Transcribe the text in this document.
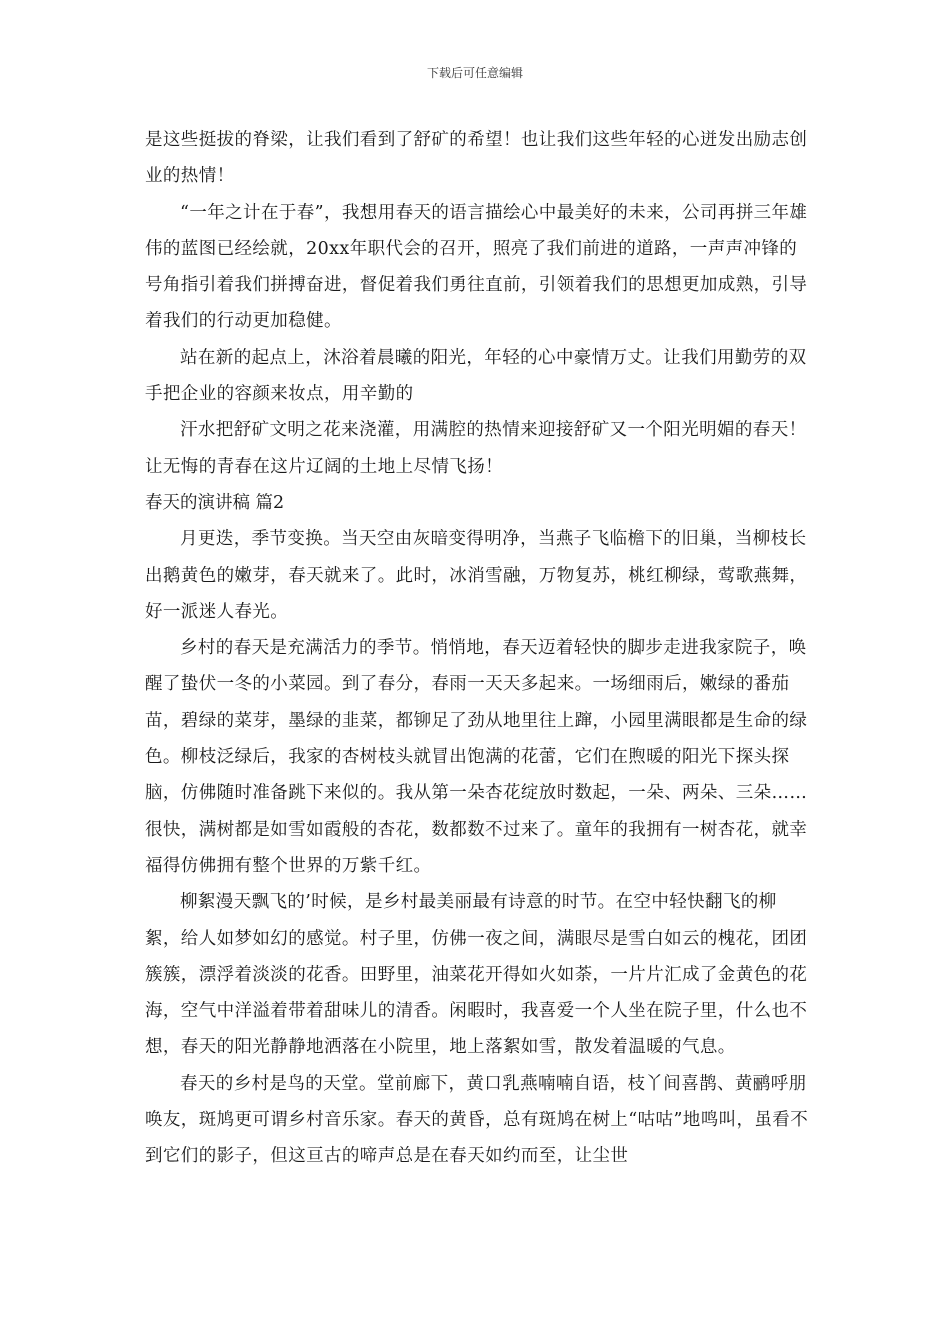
下载后可任意编辑

是这些挺拔的脊梁，让我们看到了舒矿的希望！也让我们这些年轻的心迸发出励志创业的热情！

“一年之计在于春”，我想用春天的语言描绘心中最美好的未来，公司再拼三年雄伟的蓝图已经绘就，20xx年职代会的召开，照亮了我们前进的道路，一声声冲锋的号角指引着我们拼搏奋进，督促着我们勇往直前，引领着我们的思想更加成熟，引导着我们的行动更加稳健。

站在新的起点上，沐浴着晨曦的阳光，年轻的心中豪情万丈。让我们用勤劳的双手把企业的容颜来妆点，用辛勤的

汗水把舒矿文明之花来浇灌，用满腔的热情来迎接舒矿又一个阳光明媚的春天！让无悔的青春在这片辽阔的土地上尽情飞扬！

春天的演讲稿 篇2

月更迭，季节变换。当天空由灰暗变得明净，当燕子飞临檐下的旧巢，当柳枝长出鹅黄色的嫩芽，春天就来了。此时，冰消雪融，万物复苏，桃红柳绿，莺歌燕舞，好一派迷人春光。

乡村的春天是充满活力的季节。悄悄地，春天迈着轻快的脚步走进我家院子，唤醒了蛰伏一冬的小菜园。到了春分，春雨一天天多起来。一场细雨后，嫩绿的番茄苗，碧绿的菜芽，墨绿的韭菜，都铆足了劲从地里往上蹿，小园里满眼都是生命的绿色。柳枝泛绿后，我家的杏树枝头就冒出饱满的花蕾，它们在煦暖的阳光下探头探脑，仿佛随时准备跳下来似的。我从第一朵杏花绽放时数起，一朵、两朵、三朵……很快，满树都是如雪如霞般的杏花，数都数不过来了。童年的我拥有一树杏花，就幸福得仿佛拥有整个世界的万紫千红。

柳絮漫天飘飞的’时候，是乡村最美丽最有诗意的时节。在空中轻快翻飞的柳絮，给人如梦如幻的感觉。村子里，仿佛一夜之间，满眼尽是雪白如云的槐花，团团簇簇，漂浮着淡淡的花香。田野里，油菜花开得如火如荼，一片片汇成了金黄色的花海，空气中洋溢着带着甜味儿的清香。闲暇时，我喜爱一个人坐在院子里，什么也不想，春天的阳光静静地洒落在小院里，地上落絮如雪，散发着温暖的气息。

春天的乡村是鸟的天堂。堂前廊下，黄口乳燕喃喃自语，枝丫间喜鹊、黄鹂呼朋唤友，斑鸠更可谓乡村音乐家。春天的黄昏，总有斑鸠在树上“咕咕”地鸣叫，虽看不到它们的影子，但这亘古的啼声总是在春天如约而至，让尘世
